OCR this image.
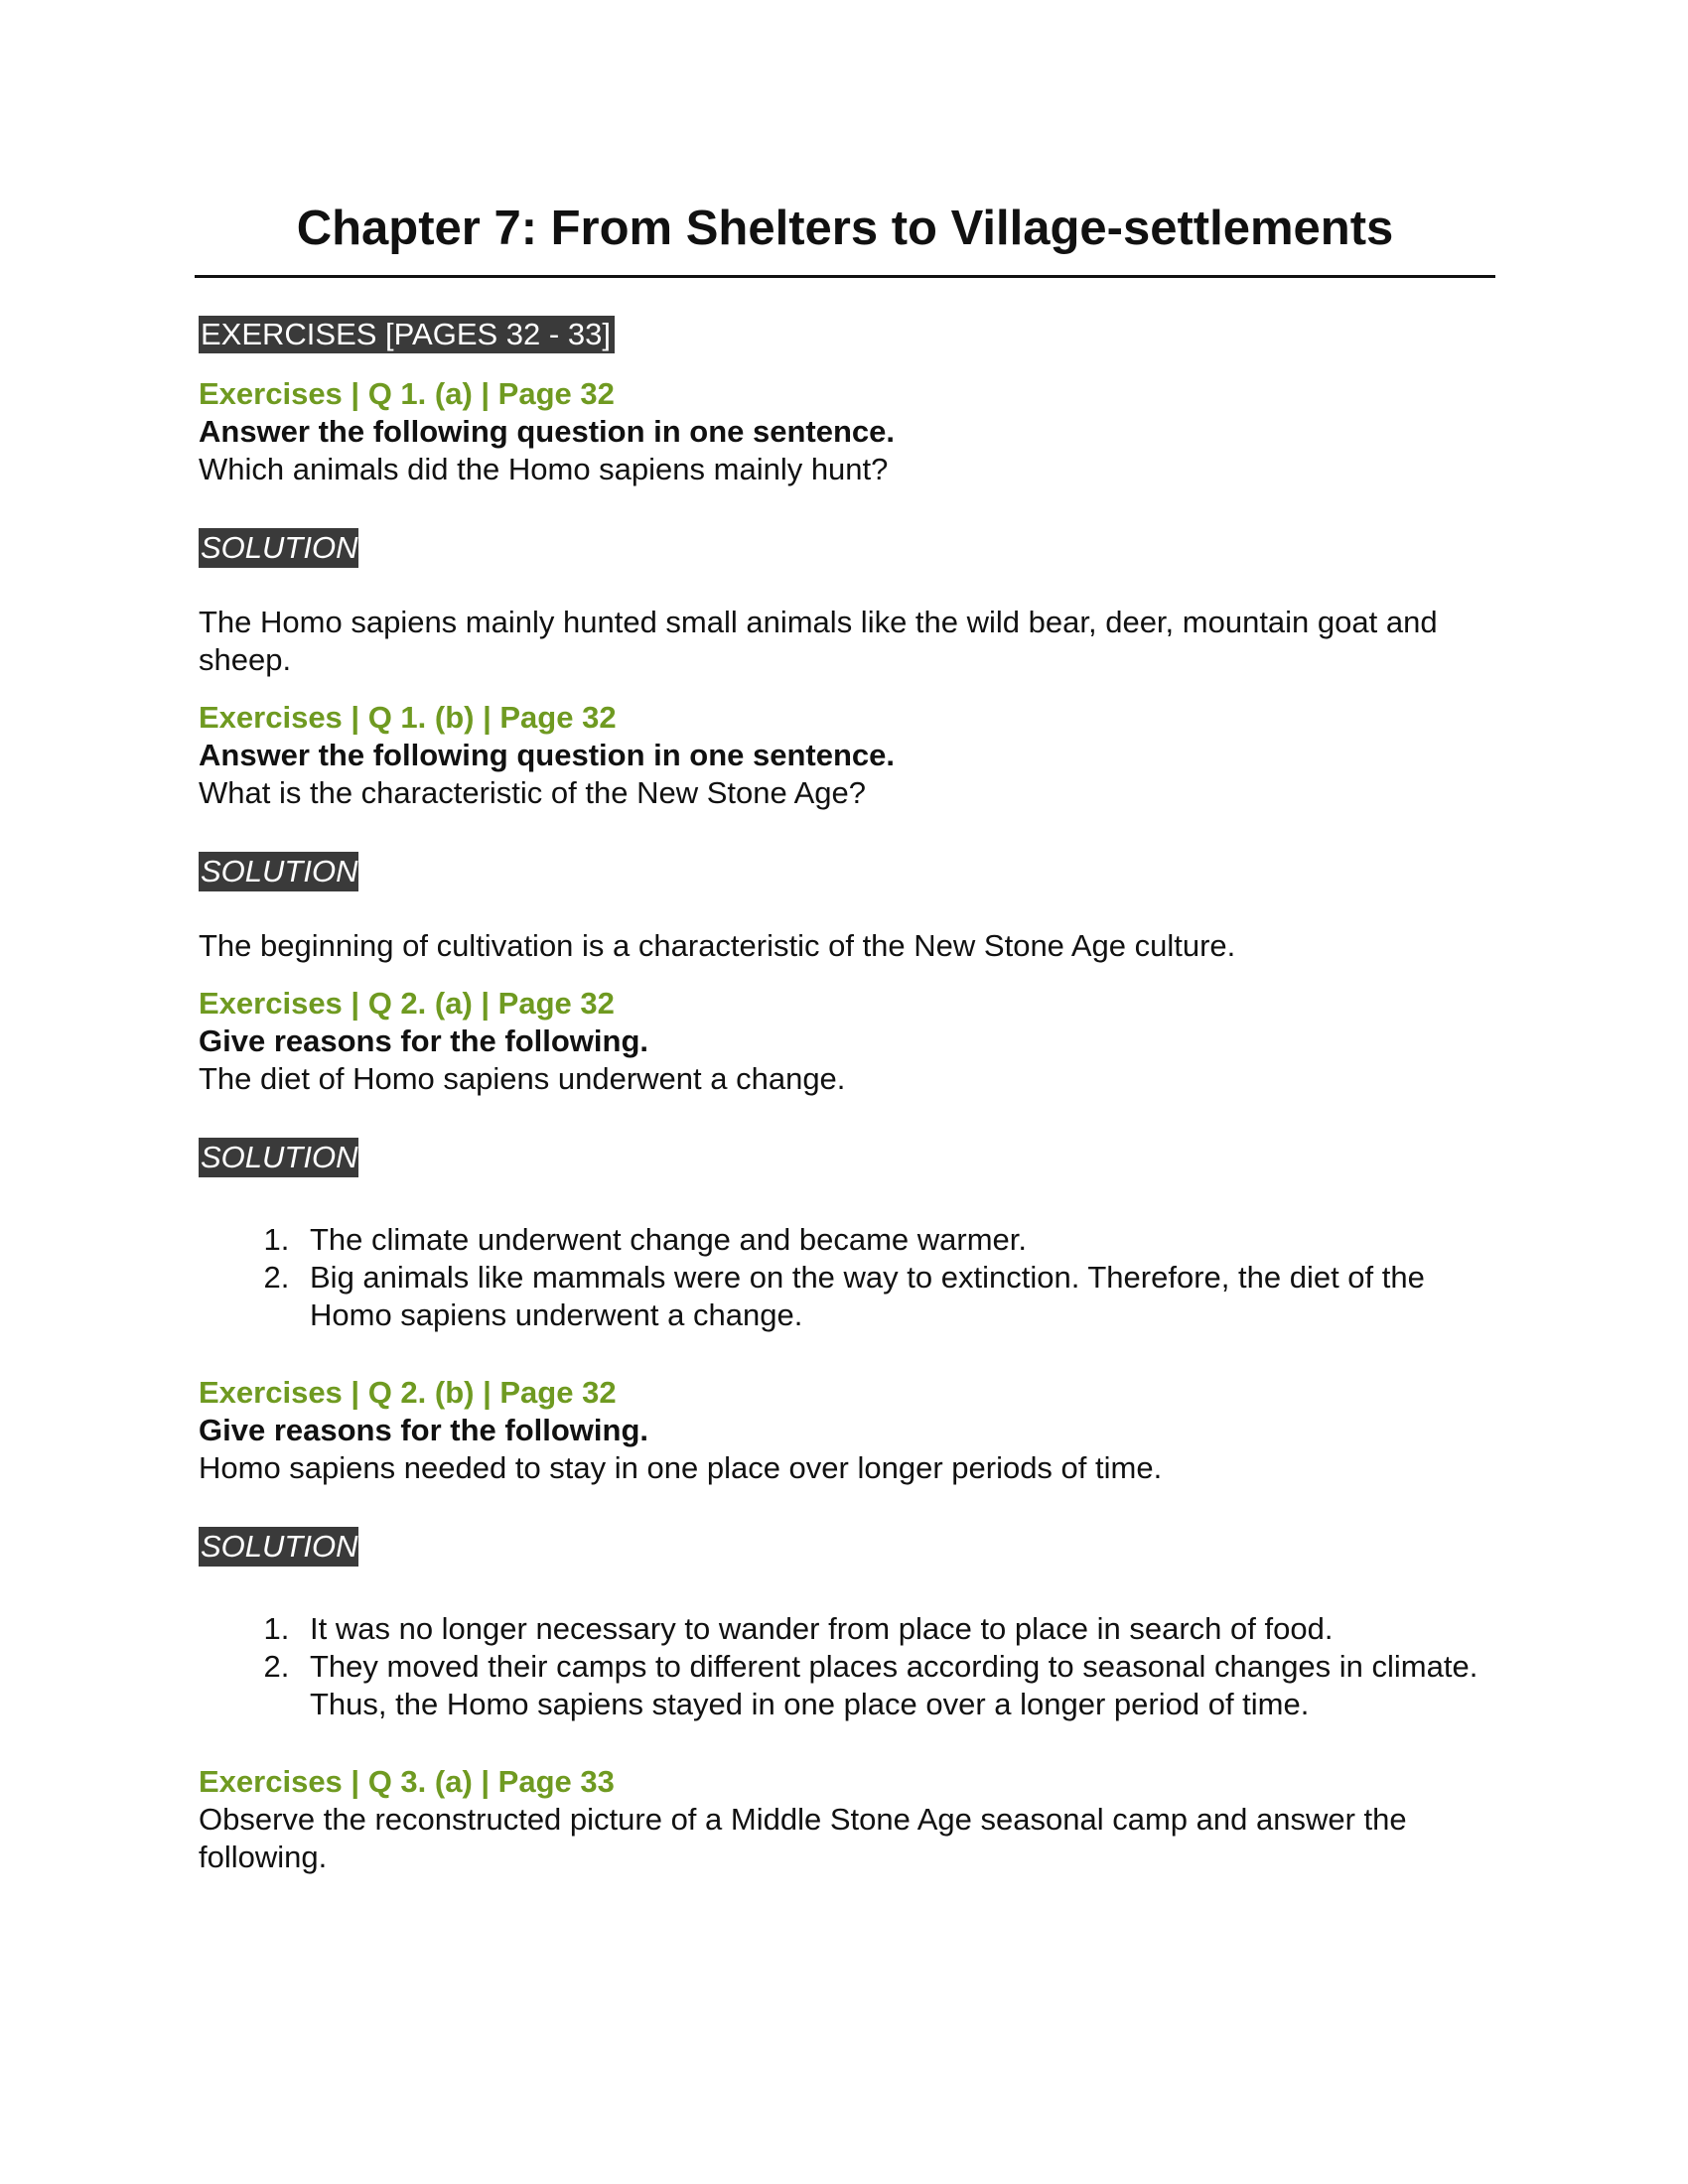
Chapter 7: From Shelters to Village-settlements
EXERCISES [PAGES 32 - 33]

Exercises | Q 1. (a) | Page 32

Answer the following question in one sentence.

Which animals did the Homo sapiens mainly hunt?

SOLUTION

The Homo sapiens mainly hunted small animals like the wild bear, deer, mountain goat and sheep.

Exercises | Q 1. (b) | Page 32

Answer the following question in one sentence.

What is the characteristic of the New Stone Age?

SOLUTION

The beginning of cultivation is a characteristic of the New Stone Age culture.

Exercises | Q 2. (a) | Page 32

Give reasons for the following.

The diet of Homo sapiens underwent a change.

SOLUTION
1. The climate underwent change and became warmer.
2. Big animals like mammals were on the way to extinction. Therefore, the diet of the Homo sapiens underwent a change.

Exercises | Q 2. (b) | Page 32

Give reasons for the following.

Homo sapiens needed to stay in one place over longer periods of time.

SOLUTION
1. It was no longer necessary to wander from place to place in search of food.
2. They moved their camps to different places according to seasonal changes in climate. Thus, the Homo sapiens stayed in one place over a longer period of time.

Exercises | Q 3. (a) | Page 33

Observe the reconstructed picture of a Middle Stone Age seasonal camp and answer the following.
